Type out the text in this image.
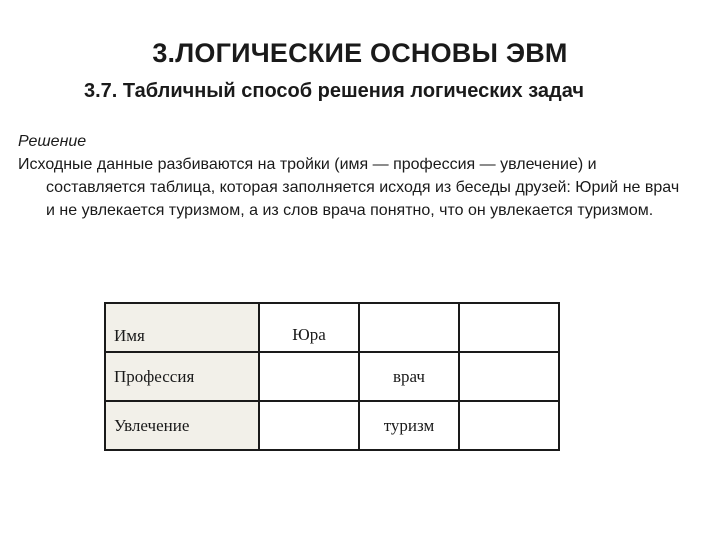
3.ЛОГИЧЕСКИЕ ОСНОВЫ ЭВМ
3.7. Табличный способ решения логических задач
Решение
Исходные данные разбиваются на тройки (имя — профессия — увлечение) и составляется таблица, которая заполняется исходя из беседы друзей: Юрий не врач и не увлекается туризмом, а из слов врача понятно, что он увлекается туризмом.
Имя	Юра		

Профессия		врач	
Увлечение		туризм	
